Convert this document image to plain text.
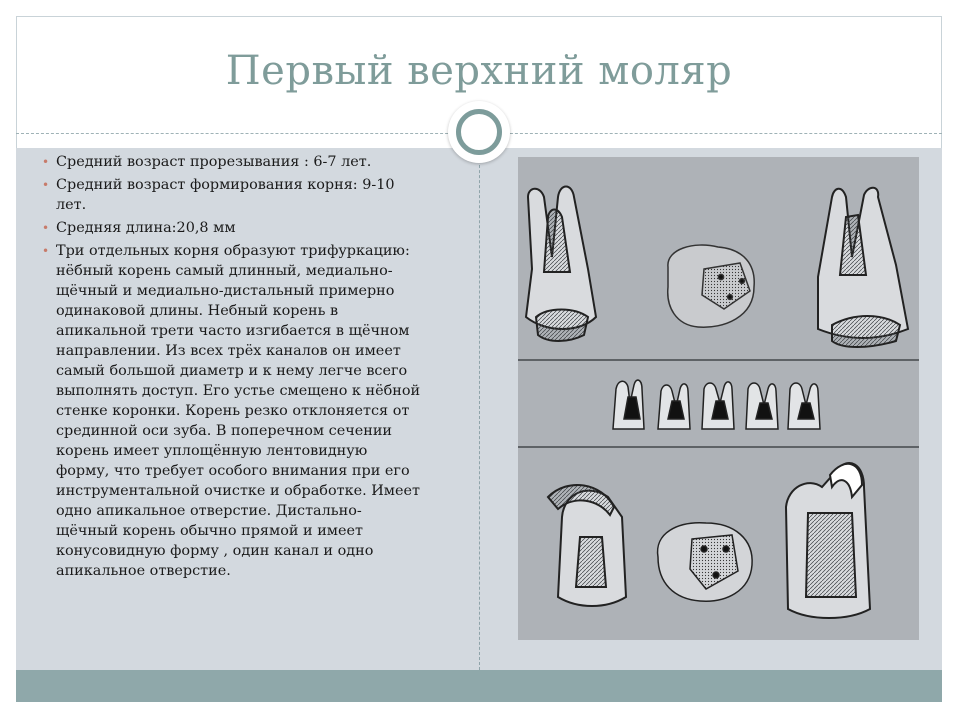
Первый верхний моляр
• Средний возраст прорезывания : 6-7 лет.
• Средний возраст формирования корня: 9-10
лет.
• Средняя длина:20,8 мм
• Три отдельных корня образуют трифуркацию:
нёбный корень самый длинный, медиально-
щёчный и медиально-дистальный примерно
одинаковой длины. Небный корень в
апикальной трети часто изгибается в щёчном
направлении. Из всех трёх каналов он имеет
самый большой диаметр и к нему легче всего
выполнять доступ. Его устье смещено к нёбной
стенке коронки. Корень резко отклоняется от
срединной оси зуба. В поперечном сечении
корень имеет уплощённую лентовидную
форму, что требует особого внимания при его
инструментальной очистке и обработке. Имеет
одно апикальное отверстие. Дистально-
щёчный корень обычно прямой и имеет
конусовидную форму , один канал и одно
апикальное отверстие.
